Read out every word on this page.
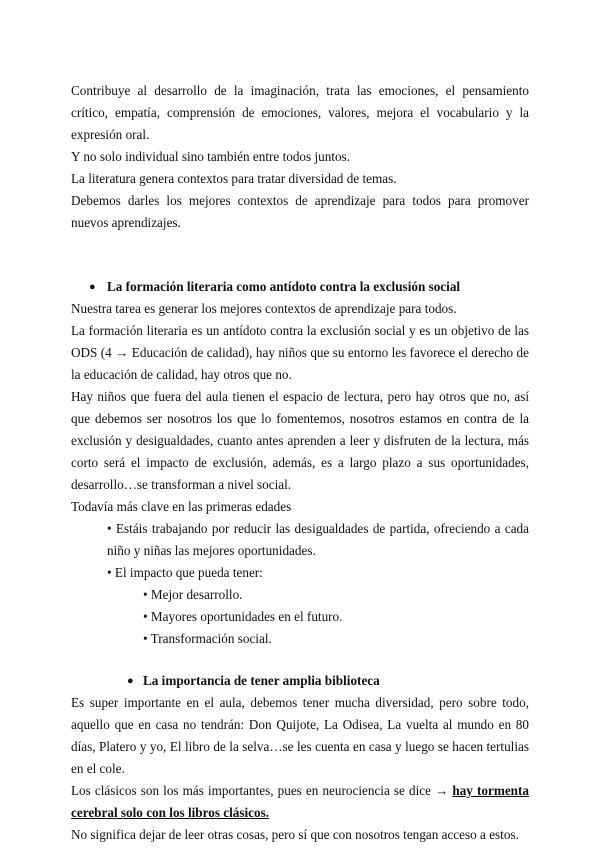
Contribuye al desarrollo de la imaginación, trata las emociones, el pensamiento crítico, empatía, comprensión de emociones, valores, mejora el vocabulario y la expresión oral.

Y no solo individual sino también entre todos juntos.

La literatura genera contextos para tratar diversidad de temas.

Debemos darles los mejores contextos de aprendizaje para todos para promover nuevos aprendizajes.

● La formación literaria como antídoto contra la exclusión social

Nuestra tarea es generar los mejores contextos de aprendizaje para todos.

La formación literaria es un antídoto contra la exclusión social y es un objetivo de las ODS (4 → Educación de calidad), hay niños que su entorno les favorece el derecho de la educación de calidad, hay otros que no.

Hay niños que fuera del aula tienen el espacio de lectura, pero hay otros que no, así que debemos ser nosotros los que lo fomentemos, nosotros estamos en contra de la exclusión y desigualdades, cuanto antes aprenden a leer y disfruten de la lectura, más corto será el impacto de exclusión, además, es a largo plazo a sus oportunidades, desarrollo…se transforman a nivel social.

Todavía más clave en las primeras edades

• Estáis trabajando por reducir las desigualdades de partida, ofreciendo a cada niño y niñas las mejores oportunidades.

• El impacto que pueda tener:

• Mejor desarrollo.

• Mayores oportunidades en el futuro.

• Transformación social.

● La importancia de tener amplia biblioteca

Es super importante en el aula, debemos tener mucha diversidad, pero sobre todo, aquello que en casa no tendrán: Don Quijote, La Odisea, La vuelta al mundo en 80 días, Platero y yo, El libro de la selva…se les cuenta en casa y luego se hacen tertulias en el cole.

Los clásicos son los más importantes, pues en neurociencia se dice → hay tormenta cerebral solo con los libros clásicos.

No significa dejar de leer otras cosas, pero sí que con nosotros tengan acceso a estos.
